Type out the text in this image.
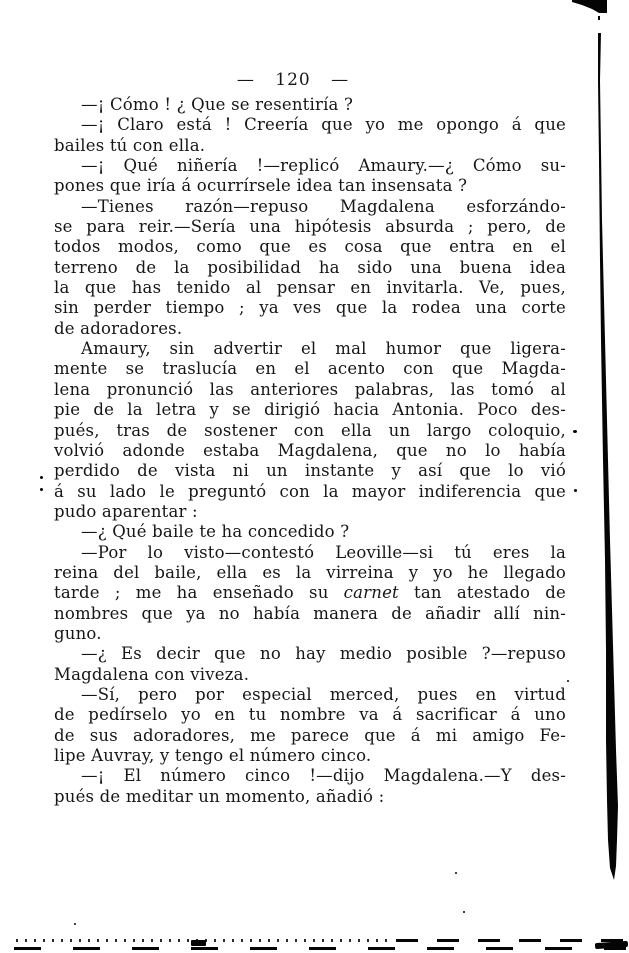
— 120 —
—¡ Cómo ! ¿ Que se resentiría ?
—¡ Claro está ! Creería que yo me opongo á que
bailes tú con ella.
—¡ Qué niñería !—replicó Amaury.—¿ Cómo su-
pones que iría á ocurrírsele idea tan insensata ?
—Tienes razón—repuso Magdalena esforzándo-
se para reir.—Sería una hipótesis absurda ; pero, de
todos modos, como que es cosa que entra en el
terreno de la posibilidad ha sido una buena idea
la que has tenido al pensar en invitarla. Ve, pues,
sin perder tiempo ; ya ves que la rodea una corte
de adoradores.
Amaury, sin advertir el mal humor que ligera-
mente se traslucía en el acento con que Magda-
lena pronunció las anteriores palabras, las tomó al
pie de la letra y se dirigió hacia Antonia. Poco des-
pués, tras de sostener con ella un largo coloquio,
volvió adonde estaba Magdalena, que no lo había
perdido de vista ni un instante y así que lo vió
á su lado le preguntó con la mayor indiferencia que
pudo aparentar :
—¿ Qué baile te ha concedido ?
—Por lo visto—contestó Leoville—si tú eres la
reina del baile, ella es la virreina y yo he llegado
tarde ; me ha enseñado su carnet tan atestado de
nombres que ya no había manera de añadir allí nin-
guno.
—¿ Es decir que no hay medio posible ?—repuso
Magdalena con viveza.
—Sí, pero por especial merced, pues en virtud
de pedírselo yo en tu nombre va á sacrificar á uno
de sus adoradores, me parece que á mi amigo Fe-
lipe Auvray, y tengo el número cinco.
—¡ El número cinco !—dijo Magdalena.—Y des-
pués de meditar un momento, añadió :
